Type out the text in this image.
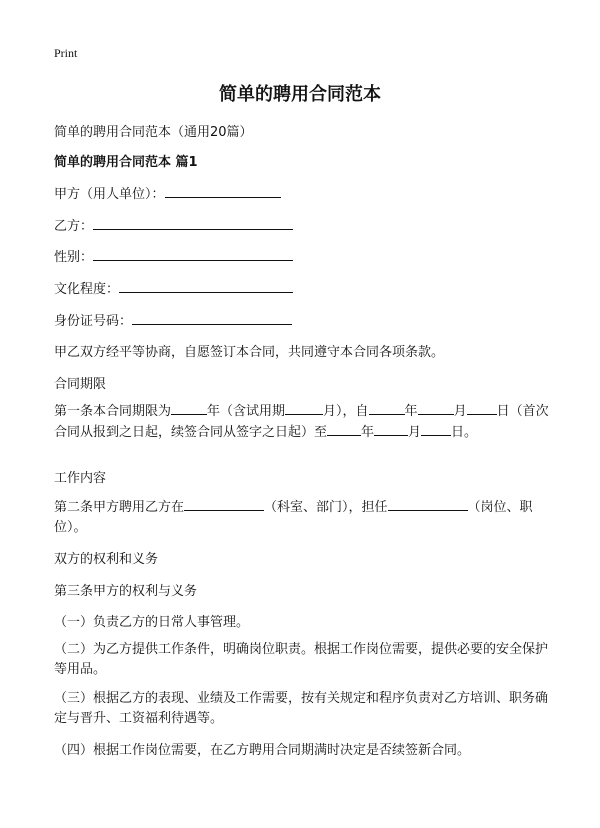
Print
简单的聘用合同范本
简单的聘用合同范本（通用20篇）
简单的聘用合同范本 篇1
甲方（用人单位）：
乙方：
性别：
文化程度：
身份证号码：
甲乙双方经平等协商，自愿签订本合同，共同遵守本合同各项条款。
合同期限
第一条本合同期限为	年（含试用期	月），自	年	月 日（首次合同从报到之日起，续签合同从签字之日起）至	年	月 日。
工作内容
第二条甲方聘用乙方在	（科室、部门），担任	（岗位、职位）。
双方的权利和义务
第三条甲方的权利与义务
（一）负责乙方的日常人事管理。
（二）为乙方提供工作条件，明确岗位职责。根据工作岗位需要，提供必要的安全保护等用品。
（三）根据乙方的表现、业绩及工作需要，按有关规定和程序负责对乙方培训、职务确定与晋升、工资福利待遇等。
（四）根据工作岗位需要，在乙方聘用合同期满时决定是否续签新合同。
